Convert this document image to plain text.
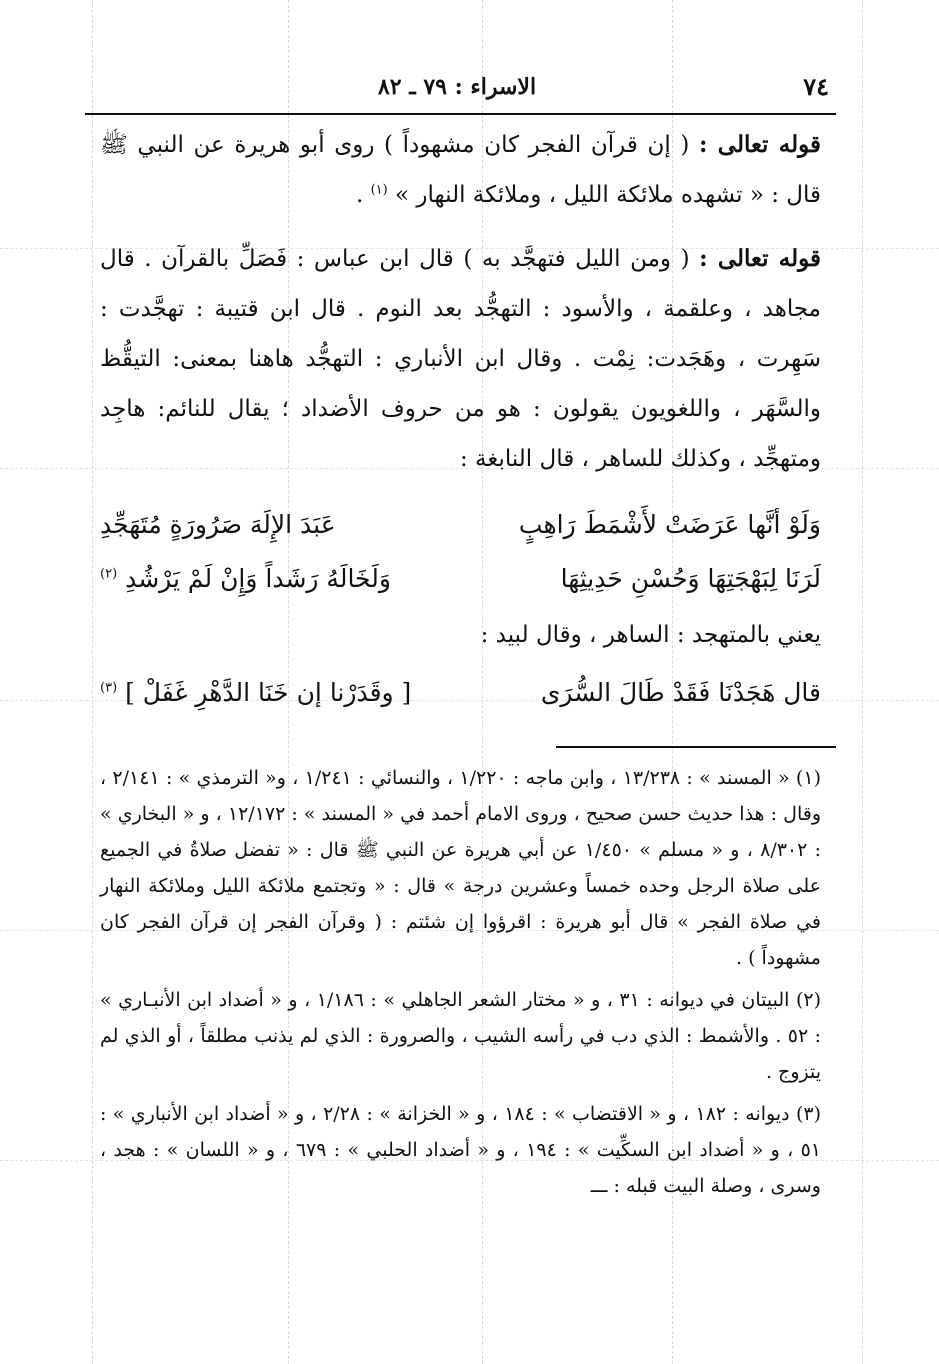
٧٤
الاسراء : ٧٩ ـ ٨٢

قوله تعالى : ( إن قرآن الفجر كان مشهوداً ) روى أبو هريرة عن النبي ﷺ قال : « تشهده ملائكة الليل ، وملائكة النهار » $^{(١)}$ .

قوله تعالى : ( ومن الليل فتهجَّد به ) قال ابن عباس : فَصَلِّ بالقرآن . قال مجاهد ، وعلقمة ، والأسود : التهجُّد بعد النوم . قال ابن قتيبة : تهجَّدت : سَهِرت ، وهَجَدت: نِمْت . وقال ابن الأنباري : التهجُّد هاهنا بمعنى: التيقُّظ والسَّهَر ، واللغويون يقولون : هو من حروف الأضداد ؛ يقال للنائم: هاجِد ومتهجِّد ، وكذلك للساهر ، قال النابغة :

وَلَوْ أنَّها عَرَضَتْ لأَشْمَطَ رَاهِبٍ
عَبَدَ الإِلَهَ صَرُورَةٍ مُتَهَجِّدِ
لَرَنَا لِبَهْجَتِهَا وَحُسْنِ حَدِيثِهَا
وَلَخَالَهُ رَشَداً وَإِنْ لَمْ يَرْشُدِ $^{(٢)}$

يعني بالمتهجد : الساهر ، وقال لبيد :

قال هَجَدْنَا فَقَدْ طَالَ السُّرَى
[ وقَدَرْنا إن خَنَا الدَّهْرِ غَفَلْ ] $^{(٣)}$

(١) « المسند » : ١٣/٢٣٨ ، وابن ماجه : ١/٢٢٠ ، والنسائي : ١/٢٤١ ، و« الترمذي » : ٢/١٤١ ، وقال : هذا حديث حسن صحيح ، وروى الامام أحمد في « المسند » : ١٢/١٧٢ ، و « البخاري » : ٨/٣٠٢ ، و « مسلم » ١/٤٥٠ عن أبي هريرة عن النبي ﷺ قال : « تفضل صلاةُ في الجميع على صلاة الرجل وحده خمساً وعشرين درجة » قال : « وتجتمع ملائكة الليل وملائكة النهار في صلاة الفجر » قال أبو هريرة : اقرؤوا إن شئتم : ( وقرآن الفجر إن قرآن الفجر كان مشهوداً ) .

(٢) البيتان في ديوانه : ٣١ ، و « مختار الشعر الجاهلي » : ١/١٨٦ ، و « أضداد ابن الأنبـاري » : ٥٢ . والأشمط : الذي دب في رأسه الشيب ، والصرورة : الذي لم يذنب مطلقاً ، أو الذي لم يتزوج .

(٣) ديوانه : ١٨٢ ، و « الاقتضاب » : ١٨٤ ، و « الخزانة » : ٢/٢٨ ، و « أضداد ابن الأنباري » : ٥١ ، و « أضداد ابن السكِّيت » : ١٩٤ ، و « أضداد الحلبي » : ٦٧٩ ، و « اللسان » : هجد ، وسرى ، وصلة البيت قبله : ـــ
